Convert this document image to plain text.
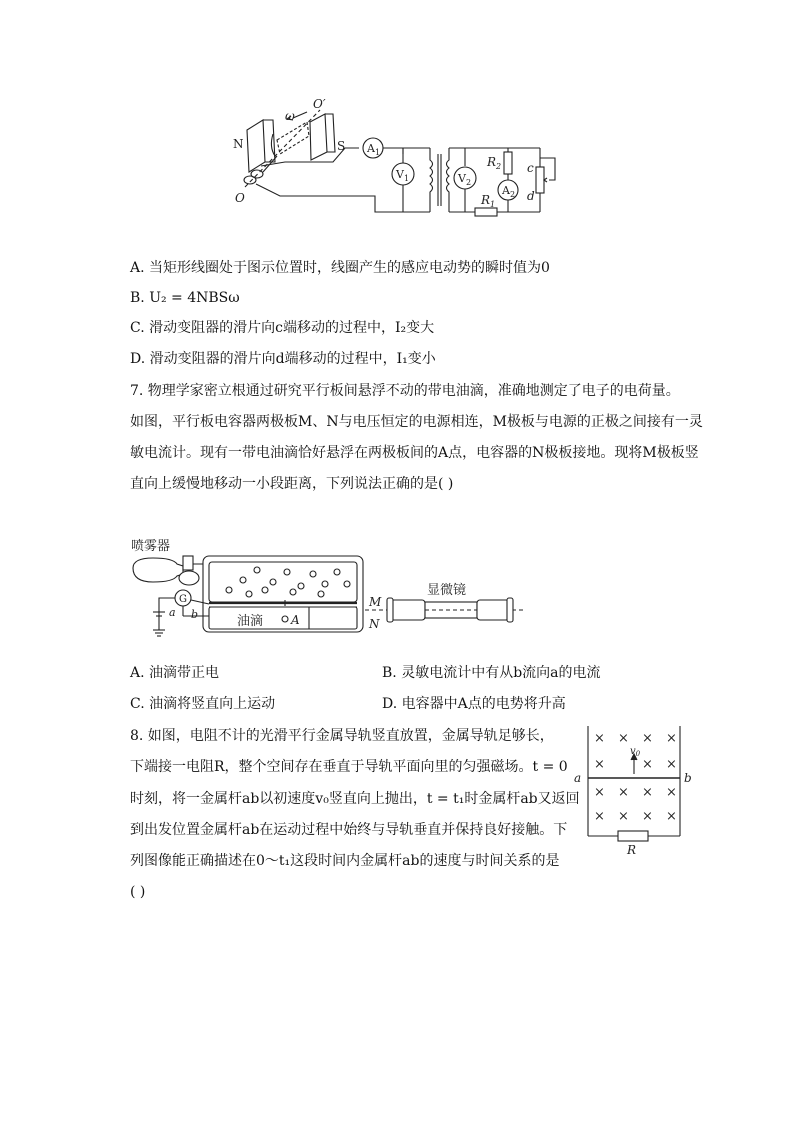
N	S
O′
O
ω
$A_1$
$V_1$	$V_2$
$A_2$
$R_2$
$R_1$
c
d
A. 当矩形线圈处于图示位置时，线圈产生的感应电动势的瞬时值为0
B. U₂ = 4NBSω
C. 滑动变阻器的滑片向c端移动的过程中，I₂变大
D. 滑动变阻器的滑片向d端移动的过程中，I₁变小
7. 物理学家密立根通过研究平行板间悬浮不动的带电油滴，准确地测定了电子的电荷量。
如图，平行板电容器两极板M、N与电压恒定的电源相连，M极板与电源的正极之间接有一灵
敏电流计。现有一带电油滴恰好悬浮在两极板间的A点，电容器的N极板接地。现将M极板竖
直向上缓慢地移动一小段距离，下列说法正确的是( )
喷雾器
显微镜
油滴
G
a b
M
N
A
A. 油滴带正电	B. 灵敏电流计中有从b流向a的电流
C. 油滴将竖直向上运动	D. 电容器中A点的电势将升高
8. 如图，电阻不计的光滑平行金属导轨竖直放置，金属导轨足够长，
下端接一电阻R，整个空间存在垂直于导轨平面向里的匀强磁场。t = 0
时刻，将一金属杆ab以初速度v₀竖直向上抛出，t = t₁时金属杆ab又返回
到出发位置金属杆ab在运动过程中始终与导轨垂直并保持良好接触。下
列图像能正确描述在0～t₁这段时间内金属杆ab的速度与时间关系的是
( )
× × × ×
×	× ×
× × × ×
× × × ×
a	b
R
$v_0$
